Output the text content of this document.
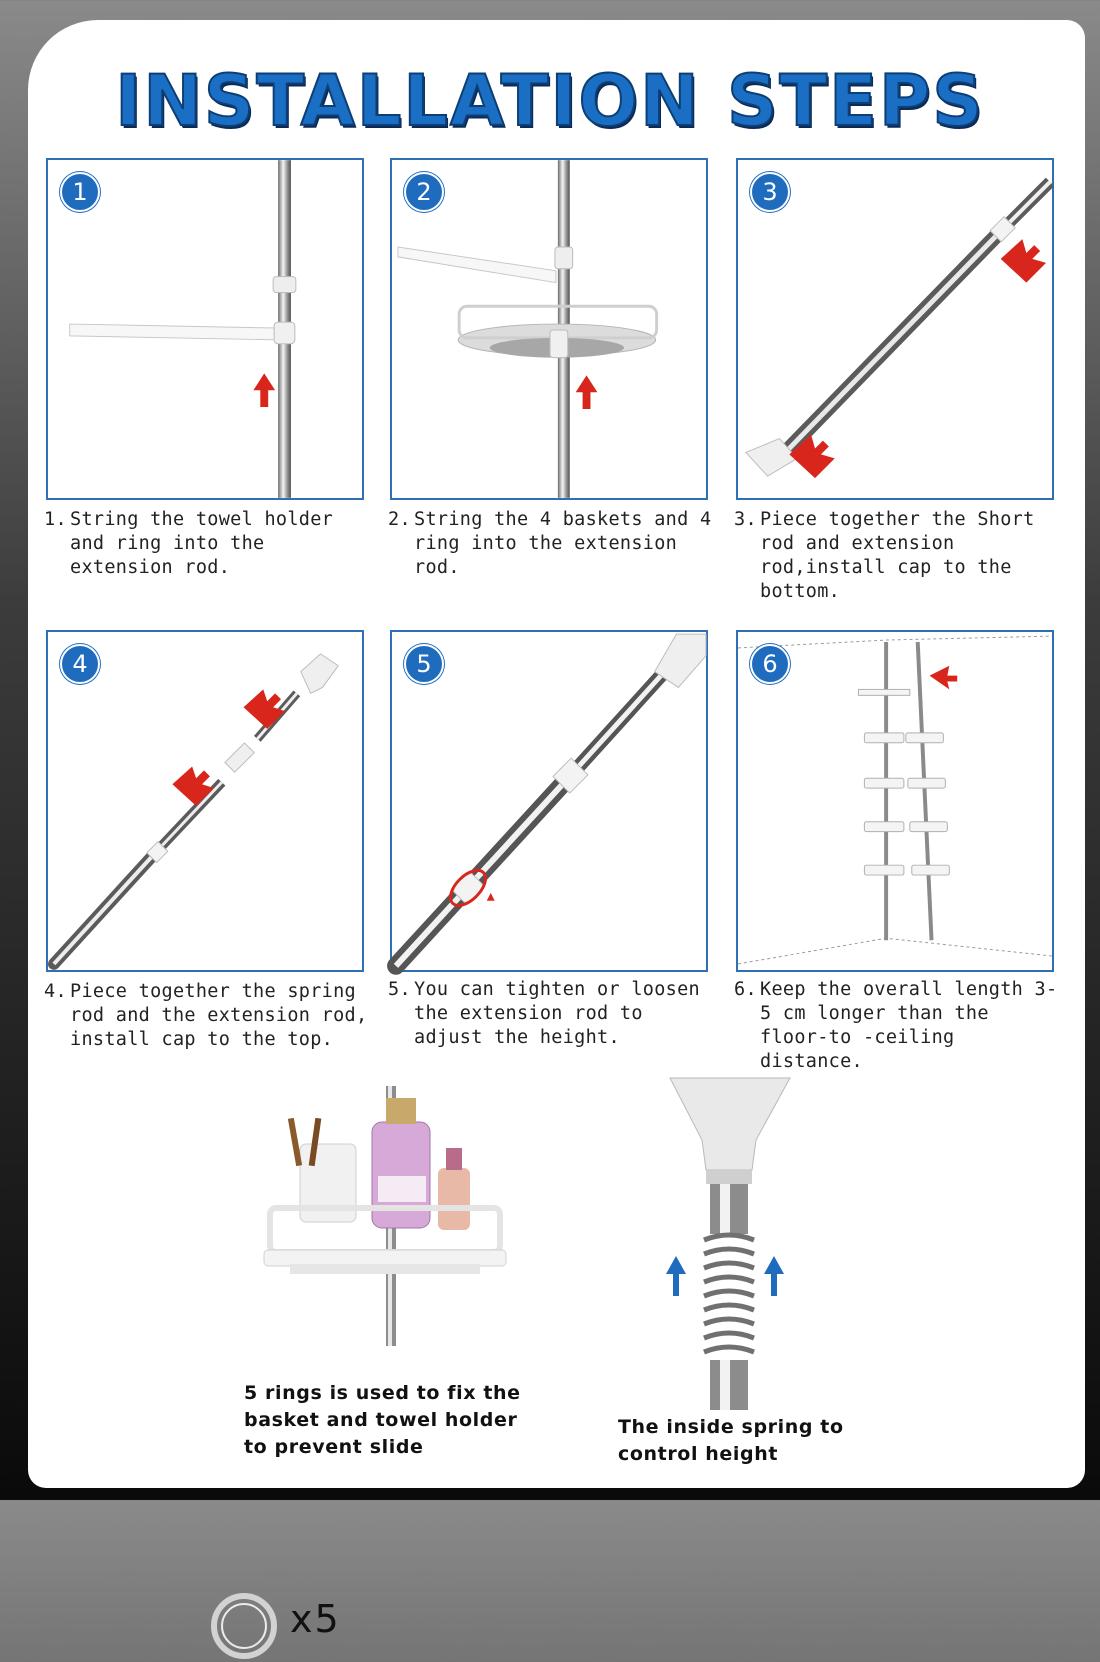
INSTALLATION STEPS
1
1. String the towel holder and ring into the extension rod.
2
2. String the 4 baskets and 4 ring into the extension rod.
3
3. Piece together the Short rod and extension rod,install cap to the bottom.
4
4. Piece together the spring rod and the extension rod, install cap to the top.
5
5. You can tighten or loosen the extension rod to adjust the height.
6
6. Keep the overall length 3-5 cm longer than the floor-to -ceiling distance.
x5
5 rings is used to fix the basket and towel holder to prevent slide
The inside spring to control height
